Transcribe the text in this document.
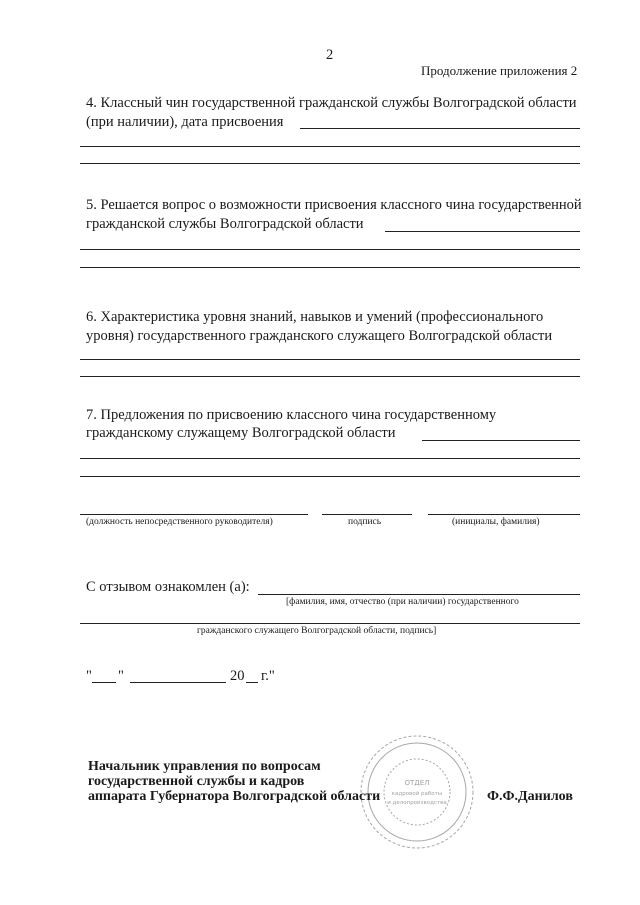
2
Продолжение приложения 2
4. Классный чин государственной гражданской службы Волгоградской области
(при наличии), дата присвоения
5. Решается вопрос о возможности присвоения классного чина государственной
гражданской службы Волгоградской области
6. Характеристика уровня знаний, навыков и умений (профессионального
уровня) государственного гражданского служащего Волгоградской области
7. Предложения по присвоению классного чина государственному
гражданскому служащему Волгоградской области
(должность непосредственного руководителя)	подпись	(инициалы, фамилия)
С отзывом ознакомлен (а):
[фамилия, имя, отчество (при наличии) государственного
гражданского служащего Волгоградской области, подпись]
" "	20 г."
ОТДЕЛ
кадровой работы
и делопроизводства
Начальник управления по вопросам
государственной службы и кадров
аппарата Губернатора Волгоградской области	Ф.Ф.Данилов
